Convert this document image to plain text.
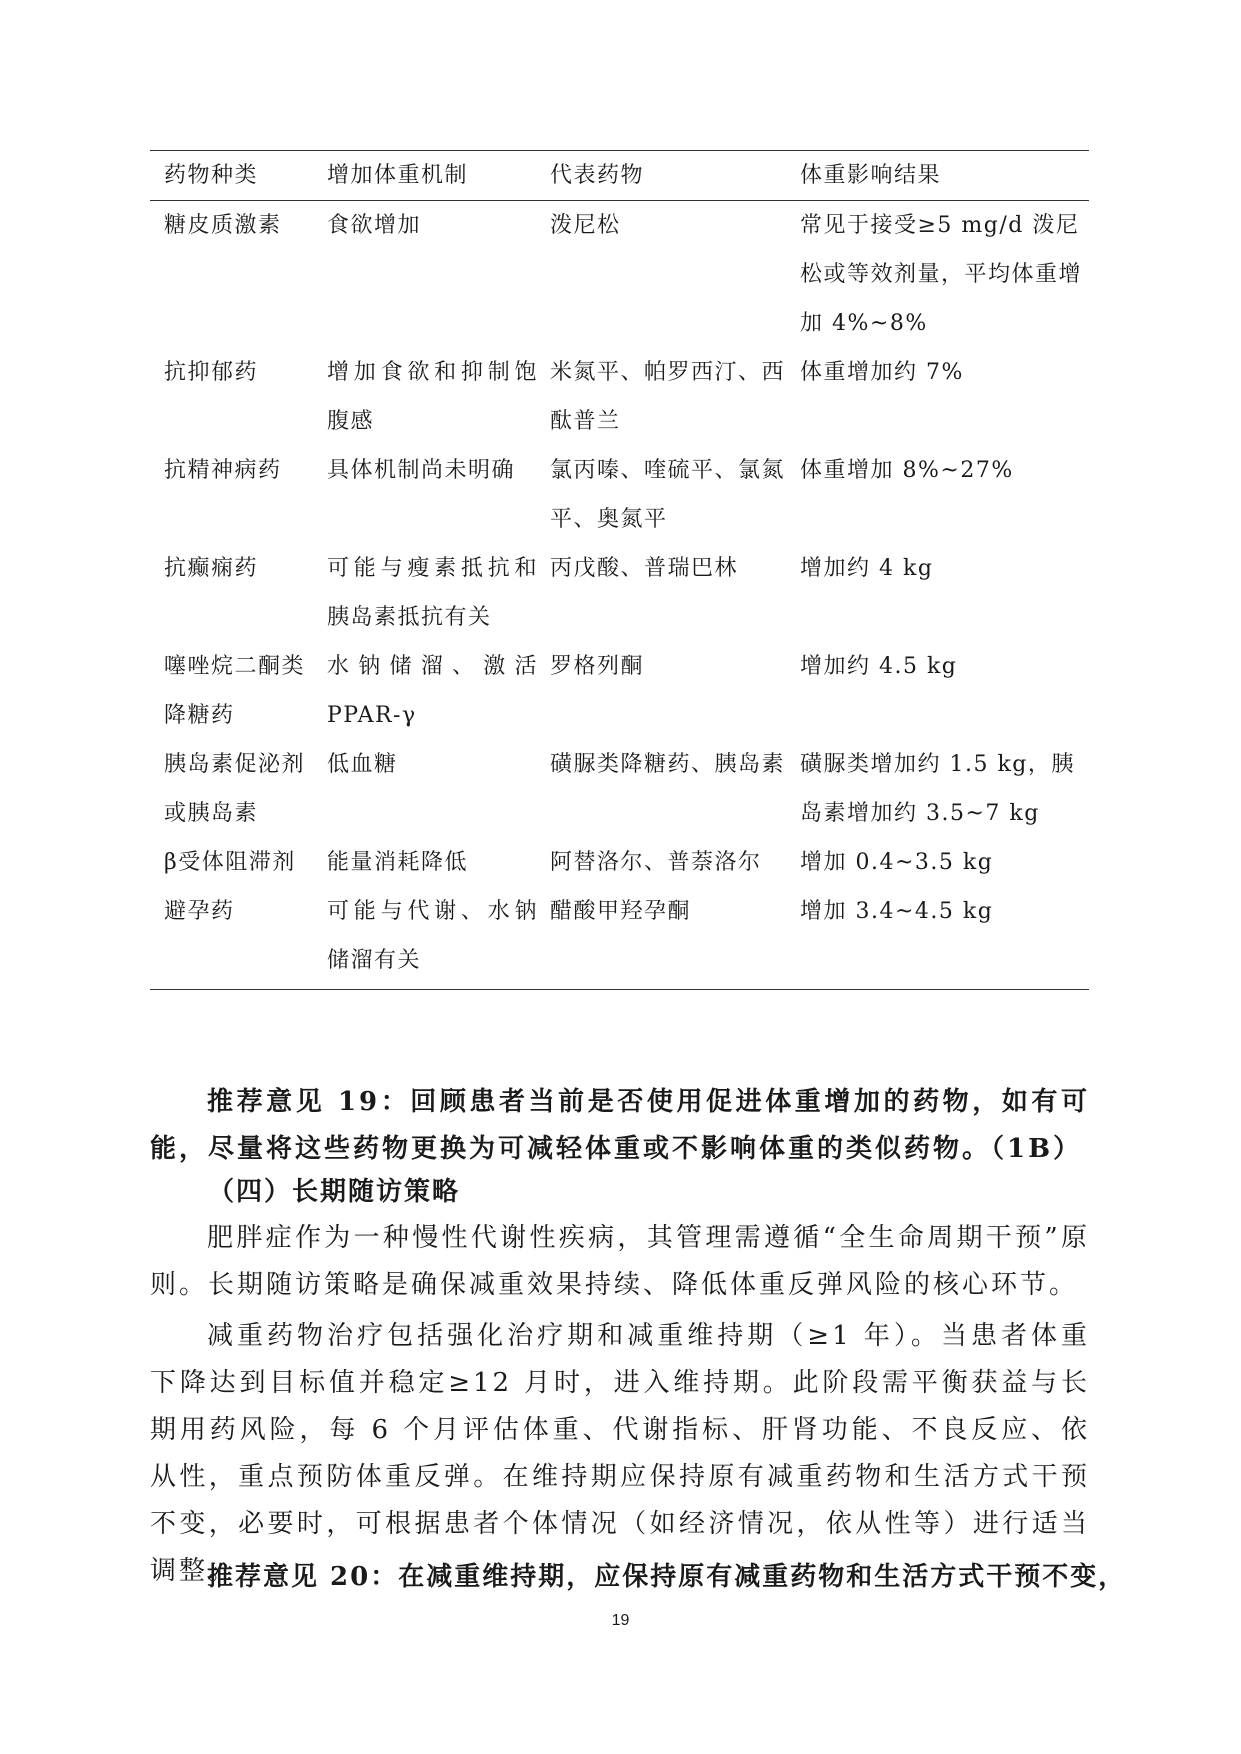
药物种类	增加体重机制	代表药物	体重影响结果
糖皮质激素	食欲增加	泼尼松	常见于接受≥5 mg/d 泼尼松或等效剂量，平均体重增加 4%~8%
抗抑郁药	增加食欲和抑制饱腹感	米氮平、帕罗西汀、西酞普兰	体重增加约 7%
抗精神病药	具体机制尚未明确	氯丙嗪、喹硫平、氯氮平、奥氮平	体重增加 8%~27%
抗癫痫药	可能与瘦素抵抗和胰岛素抵抗有关	丙戊酸、普瑞巴林	增加约 4 kg
噻唑烷二酮类降糖药	水钠储溜、激活PPAR-γ	罗格列酮	增加约 4.5 kg
胰岛素促泌剂或胰岛素	低血糖	磺脲类降糖药、胰岛素	磺脲类增加约 1.5 kg，胰岛素增加约 3.5~7 kg
β受体阻滞剂	能量消耗降低	阿替洛尔、普萘洛尔	增加 0.4~3.5 kg
避孕药	可能与代谢、水钠储溜有关	醋酸甲羟孕酮	增加 3.4~4.5 kg

推荐意见 19：回顾患者当前是否使用促进体重增加的药物，如有可能，尽量将这些药物更换为可减轻体重或不影响体重的类似药物。（1B）

（四）长期随访策略

肥胖症作为一种慢性代谢性疾病，其管理需遵循“全生命周期干预”原则。长期随访策略是确保减重效果持续、降低体重反弹风险的核心环节。

减重药物治疗包括强化治疗期和减重维持期（≥1 年）。当患者体重下降达到目标值并稳定≥12 月时，进入维持期。此阶段需平衡获益与长期用药风险，每 6 个月评估体重、代谢指标、肝肾功能、不良反应、依从性，重点预防体重反弹。在维持期应保持原有减重药物和生活方式干预不变，必要时，可根据患者个体情况（如经济情况，依从性等）进行适当调整。

推荐意见 20：在减重维持期，应保持原有减重药物和生活方式干预不变，

19
